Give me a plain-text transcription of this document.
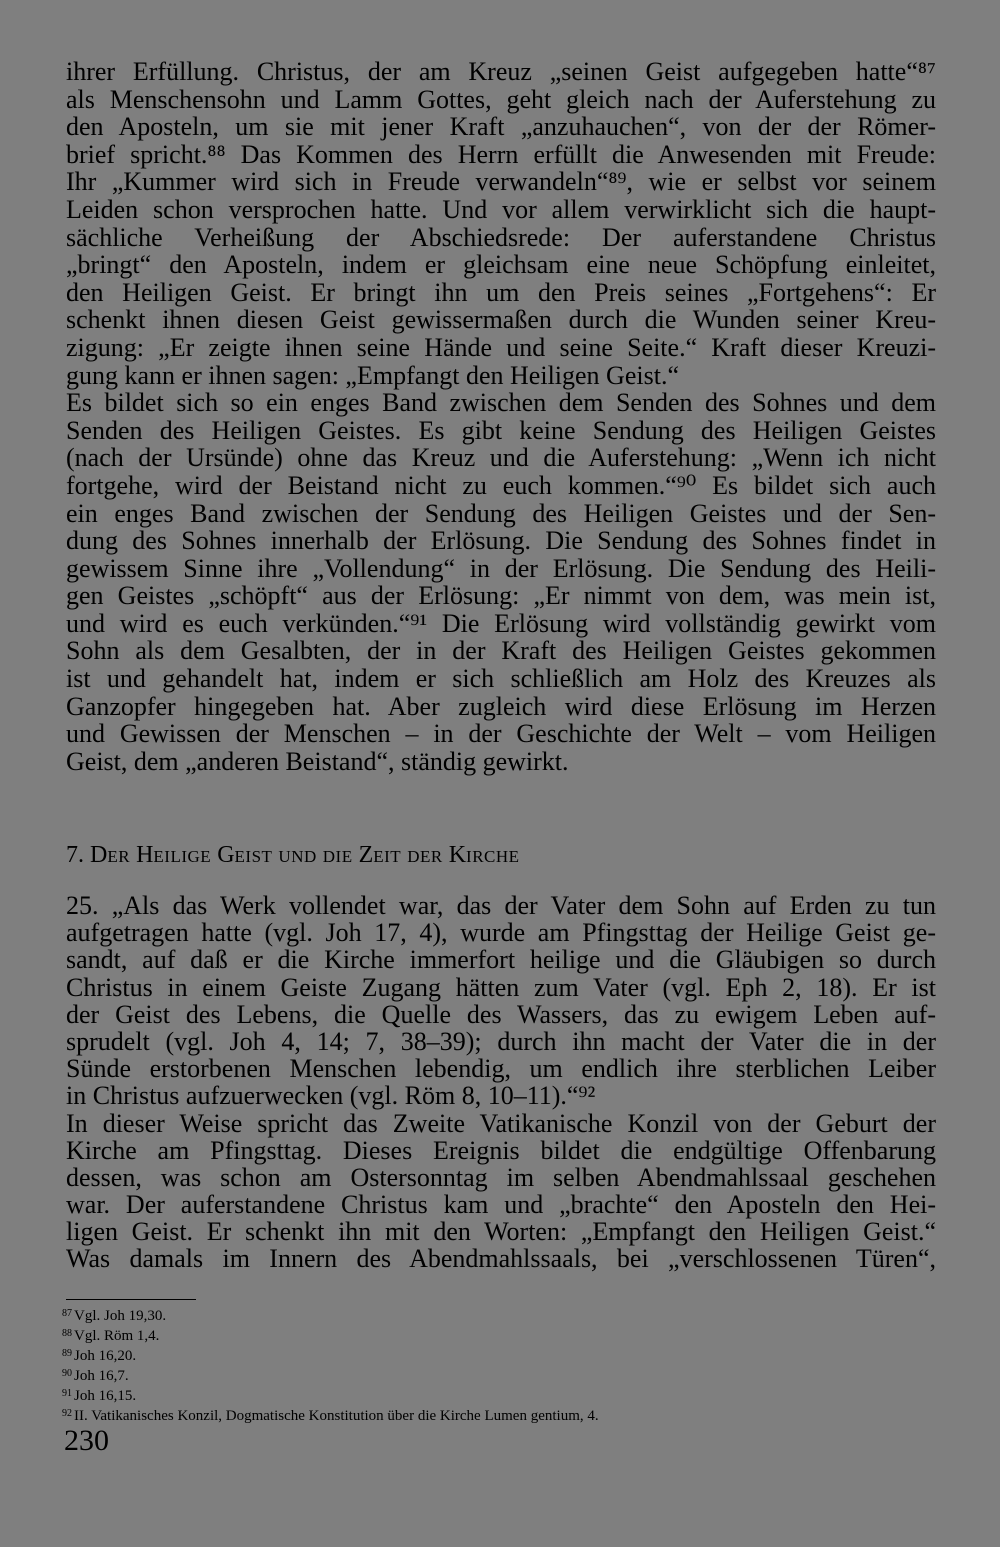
ihrer Erfüllung. Christus, der am Kreuz „seinen Geist aufgegeben hatte“⁸⁷
als Menschensohn und Lamm Gottes, geht gleich nach der Auferstehung zu
den Aposteln, um sie mit jener Kraft „anzuhauchen“, von der der Römer-
brief spricht.⁸⁸ Das Kommen des Herrn erfüllt die Anwesenden mit Freude:
Ihr „Kummer wird sich in Freude verwandeln“⁸⁹, wie er selbst vor seinem
Leiden schon versprochen hatte. Und vor allem verwirklicht sich die haupt-
sächliche Verheißung der Abschiedsrede: Der auferstandene Christus
„bringt“ den Aposteln, indem er gleichsam eine neue Schöpfung einleitet,
den Heiligen Geist. Er bringt ihn um den Preis seines „Fortgehens“: Er
schenkt ihnen diesen Geist gewissermaßen durch die Wunden seiner Kreu-
zigung: „Er zeigte ihnen seine Hände und seine Seite.“ Kraft dieser Kreuzi-
gung kann er ihnen sagen: „Empfangt den Heiligen Geist.“
Es bildet sich so ein enges Band zwischen dem Senden des Sohnes und dem
Senden des Heiligen Geistes. Es gibt keine Sendung des Heiligen Geistes
(nach der Ursünde) ohne das Kreuz und die Auferstehung: „Wenn ich nicht
fortgehe, wird der Beistand nicht zu euch kommen.“⁹⁰ Es bildet sich auch
ein enges Band zwischen der Sendung des Heiligen Geistes und der Sen-
dung des Sohnes innerhalb der Erlösung. Die Sendung des Sohnes findet in
gewissem Sinne ihre „Vollendung“ in der Erlösung. Die Sendung des Heili-
gen Geistes „schöpft“ aus der Erlösung: „Er nimmt von dem, was mein ist,
und wird es euch verkünden.“⁹¹ Die Erlösung wird vollständig gewirkt vom
Sohn als dem Gesalbten, der in der Kraft des Heiligen Geistes gekommen
ist und gehandelt hat, indem er sich schließlich am Holz des Kreuzes als
Ganzopfer hingegeben hat. Aber zugleich wird diese Erlösung im Herzen
und Gewissen der Menschen – in der Geschichte der Welt – vom Heiligen
Geist, dem „anderen Beistand“, ständig gewirkt.
7. DER HEILIGE GEIST UND DIE ZEIT DER KIRCHE
25. „Als das Werk vollendet war, das der Vater dem Sohn auf Erden zu tun
aufgetragen hatte (vgl. Joh 17, 4), wurde am Pfingsttag der Heilige Geist ge-
sandt, auf daß er die Kirche immerfort heilige und die Gläubigen so durch
Christus in einem Geiste Zugang hätten zum Vater (vgl. Eph 2, 18). Er ist
der Geist des Lebens, die Quelle des Wassers, das zu ewigem Leben auf-
sprudelt (vgl. Joh 4, 14; 7, 38–39); durch ihn macht der Vater die in der
Sünde erstorbenen Menschen lebendig, um endlich ihre sterblichen Leiber
in Christus aufzuerwecken (vgl. Röm 8, 10–11).“⁹²
In dieser Weise spricht das Zweite Vatikanische Konzil von der Geburt der
Kirche am Pfingsttag. Dieses Ereignis bildet die endgültige Offenbarung
dessen, was schon am Ostersonntag im selben Abendmahlssaal geschehen
war. Der auferstandene Christus kam und „brachte“ den Aposteln den Hei-
ligen Geist. Er schenkt ihn mit den Worten: „Empfangt den Heiligen Geist.“
Was damals im Innern des Abendmahlssaals, bei „verschlossenen Türen“,
$^{87}$ Vgl. Joh 19,30.
$^{88}$ Vgl. Röm 1,4.
$^{89}$ Joh 16,20.
$^{90}$ Joh 16,7.
$^{91}$ Joh 16,15.
$^{92}$ II. Vatikanisches Konzil, Dogmatische Konstitution über die Kirche Lumen gentium, 4.
230
